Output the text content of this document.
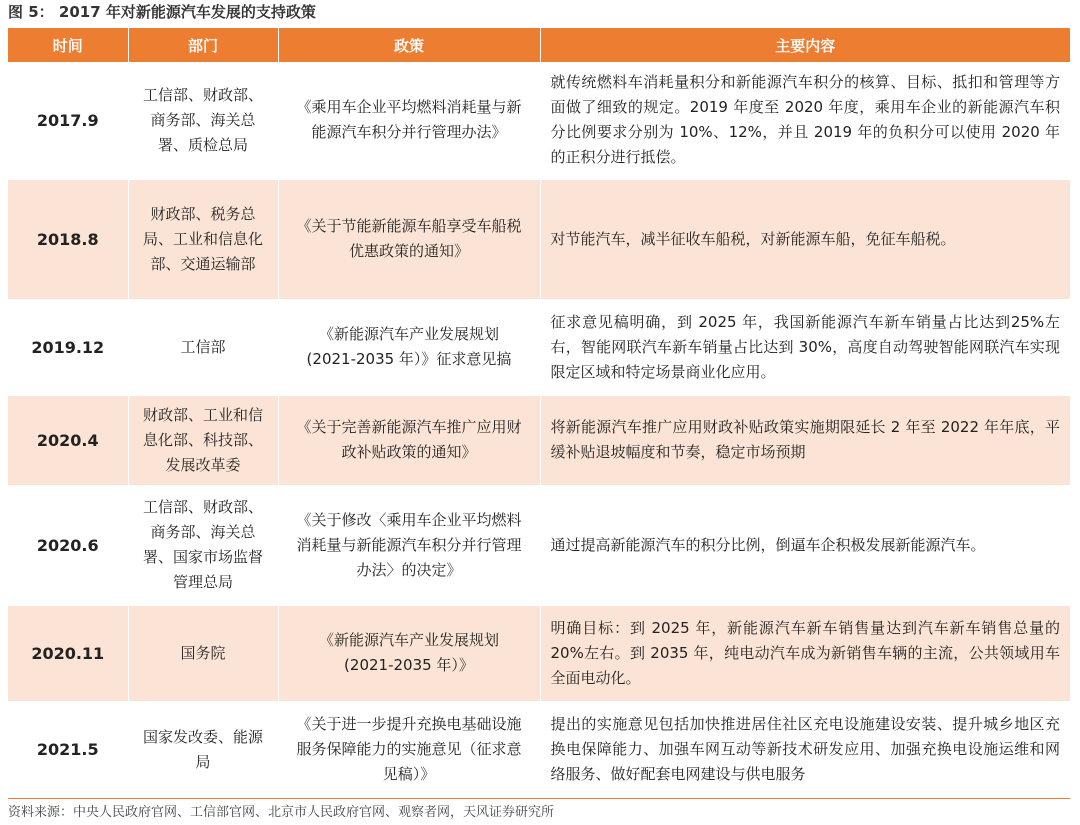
图 5： 2017 年对新能源汽车发展的支持政策
时间	部门	政策	主要内容
2017.9	工信部、财政部、商务部、海关总署、质检总局	《乘用车企业平均燃料消耗量与新能源汽车积分并行管理办法》	就传统燃料车消耗量积分和新能源汽车积分的核算、目标、抵扣和管理等方面做了细致的规定。2019 年度至 2020 年度，乘用车企业的新能源汽车积分比例要求分别为 10%、12%，并且 2019 年的负积分可以使用 2020 年的正积分进行抵偿。

2018.8	财政部、税务总局、工业和信息化部、交通运输部	《关于节能新能源车船享受车船税优惠政策的通知》	对节能汽车，减半征收车船税，对新能源车船，免征车船税。

2019.12	工信部	《新能源汽车产业发展规划(2021-2035 年）》征求意见搞	征求意见稿明确，到 2025 年，我国新能源汽车新车销量占比达到25%左右，智能网联汽车新车销量占比达到 30%，高度自动驾驶智能网联汽车实现限定区域和特定场景商业化应用。

2020.4	财政部、工业和信息化部、科技部、发展改革委	《关于完善新能源汽车推广应用财政补贴政策的通知》	将新能源汽车推广应用财政补贴政策实施期限延长 2 年至 2022 年年底，平缓补贴退坡幅度和节奏，稳定市场预期

2020.6	工信部、财政部、商务部、海关总署、国家市场监督管理总局	《关于修改〈乘用车企业平均燃料消耗量与新能源汽车积分并行管理办法〉的决定》	通过提高新能源汽车的积分比例，倒逼车企积极发展新能源汽车。

2020.11	国务院	《新能源汽车产业发展规划(2021-2035 年）》	明确目标：到 2025 年，新能源汽车新车销售量达到汽车新车销售总量的 20%左右。到 2035 年，纯电动汽车成为新销售车辆的主流，公共领域用车全面电动化。

2021.5	国家发改委、能源局	《关于进一步提升充换电基础设施服务保障能力的实施意见（征求意见稿）》	提出的实施意见包括加快推进居住社区充电设施建设安装、提升城乡地区充换电保障能力、加强车网互动等新技术研发应用、加强充换电设施运维和网络服务、做好配套电网建设与供电服务
资料来源：中央人民政府官网、工信部官网、北京市人民政府官网、观察者网，天风证券研究所
